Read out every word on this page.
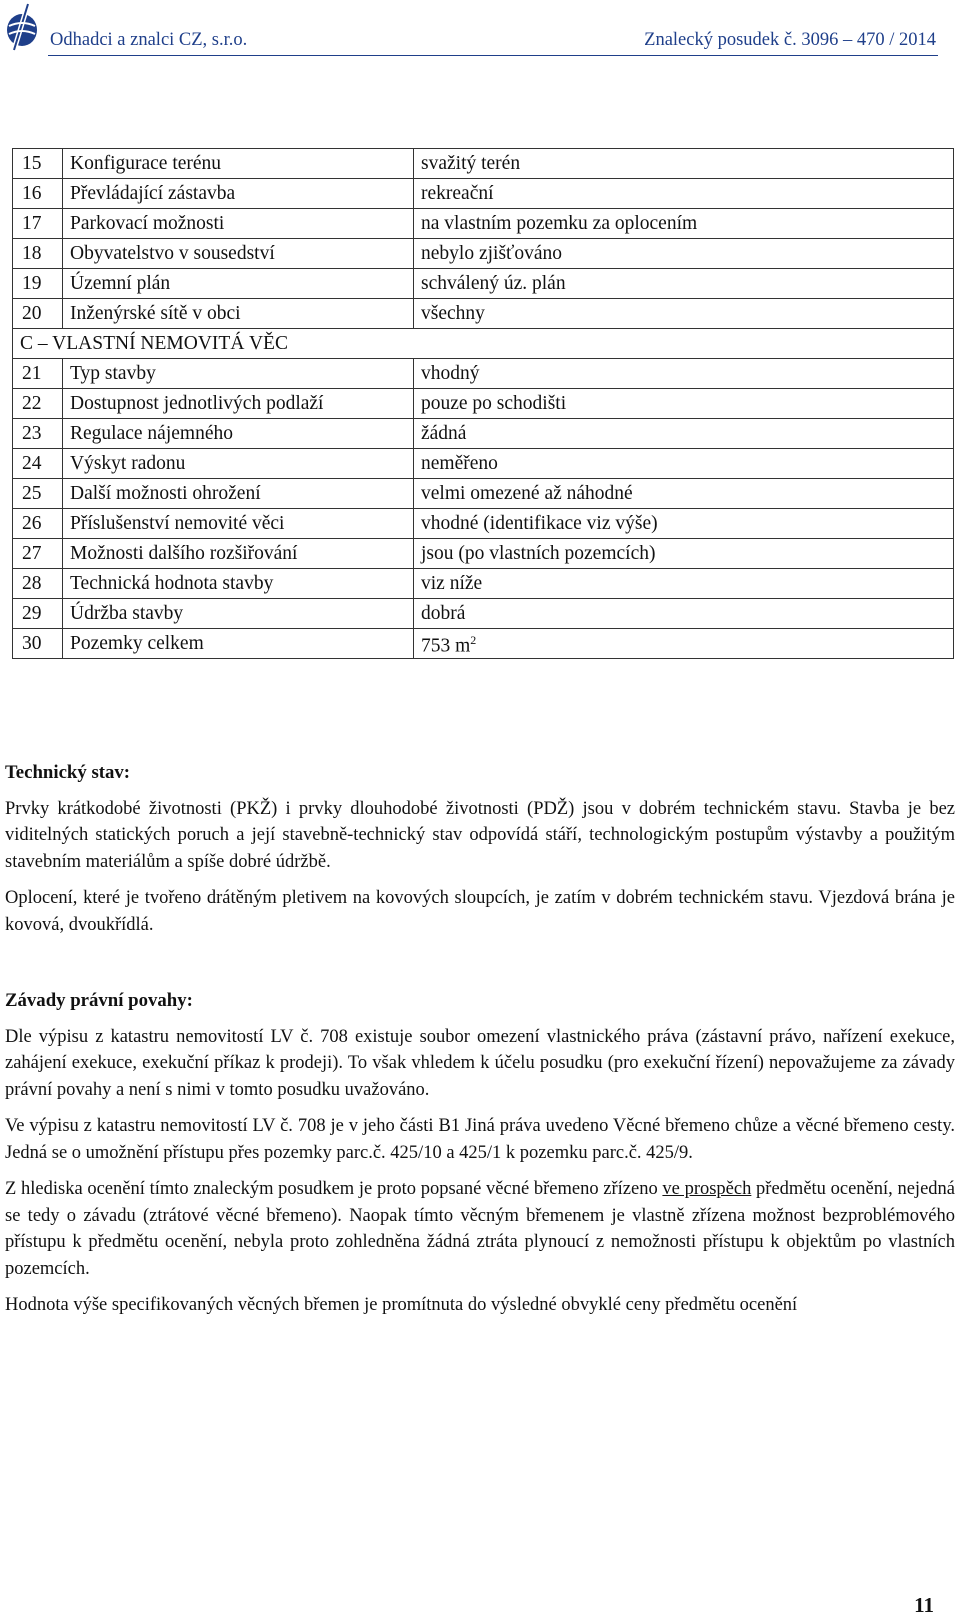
Odhadci a znalci CZ, s.r.o.	Znalecký posudek č. 3096 – 470 / 2014
15	Konfigurace terénu	svažitý terén
16	Převládající zástavba	rekreační
17	Parkovací možnosti	na vlastním pozemku za oplocením
18	Obyvatelstvo v sousedství	nebylo zjišťováno
19	Územní plán	schválený úz. plán
20	Inženýrské sítě v obci	všechny
C – VLASTNÍ NEMOVITÁ VĚC		
21	Typ stavby	vhodný
22	Dostupnost jednotlivých podlaží	pouze po schodišti
23	Regulace nájemného	žádná
24	Výskyt radonu	neměřeno
25	Další možnosti ohrožení	velmi omezené až náhodné
26	Příslušenství nemovité věci	vhodné (identifikace viz výše)
27	Možnosti dalšího rozšiřování	jsou (po vlastních pozemcích)
28	Technická hodnota stavby	viz níže
29	Údržba stavby	dobrá
30	Pozemky celkem	753 $m^2$
Technický stav:

Prvky krátkodobé životnosti (PKŽ) i prvky dlouhodobé životnosti (PDŽ) jsou v dobrém technickém stavu. Stavba je bez viditelných statických poruch a její stavebně-technický stav odpovídá stáří, technologickým postupům výstavby a použitým stavebním materiálům a spíše dobré údržbě.

Oplocení, které je tvořeno drátěným pletivem na kovových sloupcích, je zatím v dobrém technickém stavu. Vjezdová brána je kovová, dvoukřídlá.

Závady právní povahy:

Dle výpisu z katastru nemovitostí LV č. 708 existuje soubor omezení vlastnického práva (zástavní právo, nařízení exekuce, zahájení exekuce, exekuční příkaz k prodeji). To však vhledem k účelu posudku (pro exekuční řízení) nepovažujeme za závady právní povahy a není s nimi v tomto posudku uvažováno.

Ve výpisu z katastru nemovitostí LV č. 708 je v jeho části B1 Jiná práva uvedeno Věcné břemeno chůze a věcné břemeno cesty. Jedná se o umožnění přístupu přes pozemky parc.č. 425/10 a 425/1 k pozemku parc.č. 425/9.

Z hlediska ocenění tímto znaleckým posudkem je proto popsané věcné břemeno zřízeno ve prospěch předmětu ocenění, nejedná se tedy o závadu (ztrátové věcné břemeno). Naopak tímto věcným břemenem je vlastně zřízena možnost bezproblémového přístupu k předmětu ocenění, nebyla proto zohledněna žádná ztráta plynoucí z nemožnosti přístupu k objektům po vlastních pozemcích.

Hodnota výše specifikovaných věcných břemen je promítnuta do výsledné obvyklé ceny předmětu ocenění

11
